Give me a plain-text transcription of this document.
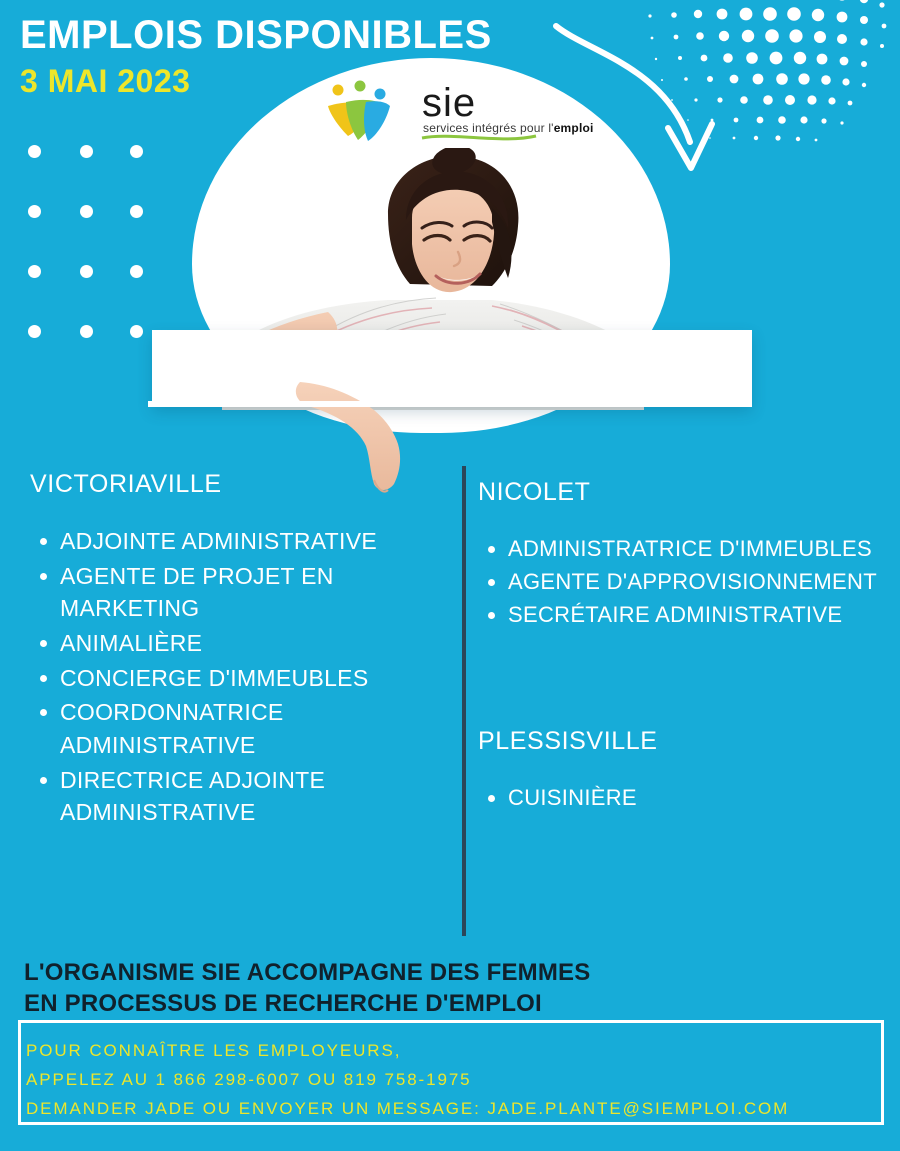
EMPLOIS DISPONIBLES
3 MAI 2023	sie
services intégrés pour l'emploi
VICTORIAVILLE
ADJOINTE ADMINISTRATIVE
AGENTE DE PROJET EN MARKETING
ANIMALIÈRE
CONCIERGE D'IMMEUBLES
COORDONNATRICE ADMINISTRATIVE
DIRECTRICE ADJOINTE ADMINISTRATIVE
NICOLET
ADMINISTRATRICE D'IMMEUBLES
AGENTE D'APPROVISIONNEMENT
SECRÉTAIRE ADMINISTRATIVE
PLESSISVILLE
CUISINIÈRE
L'ORGANISME SIE ACCOMPAGNE DES FEMMES
EN PROCESSUS DE RECHERCHE D'EMPLOI
POUR CONNAÎTRE LES EMPLOYEURS,
APPELEZ AU 1 866 298-6007 OU 819 758-1975
DEMANDER JADE OU ENVOYER UN MESSAGE: JADE.PLANTE@SIEMPLOI.COM
